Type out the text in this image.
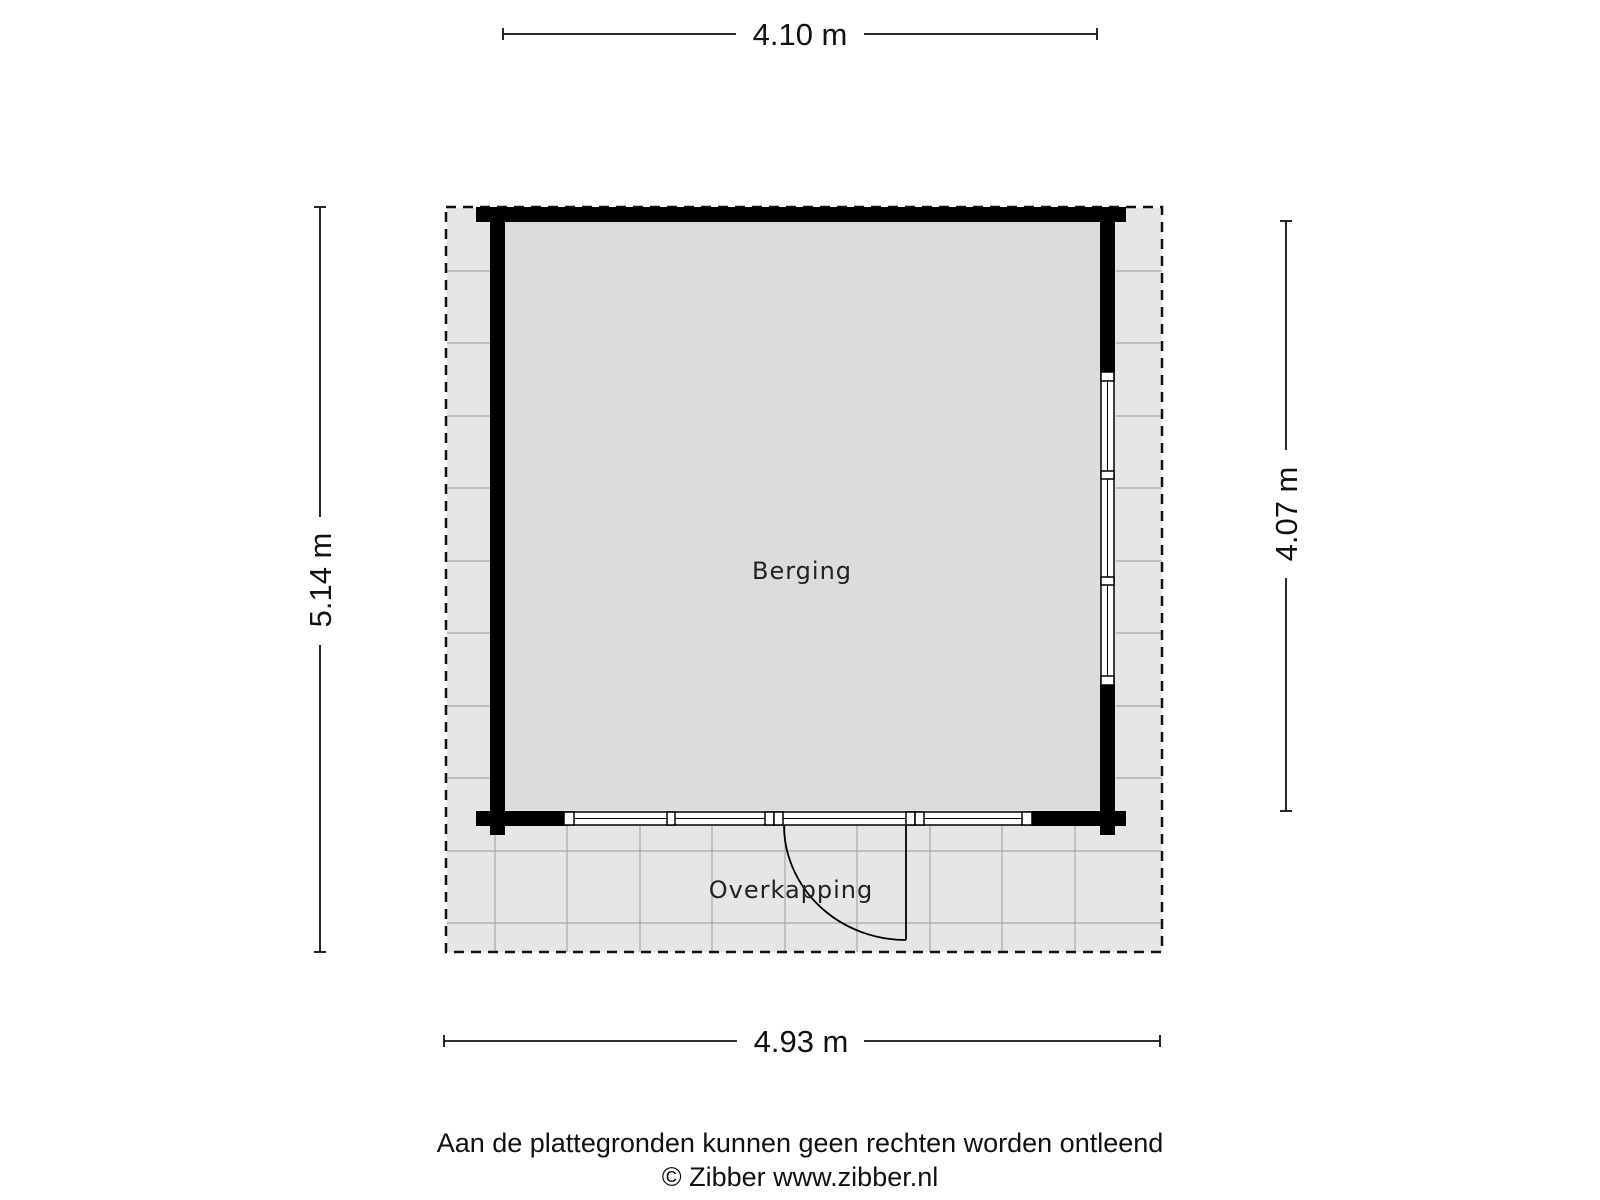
Berging
Overkapping
4.10 m
4.93 m
5.14 m
4.07 m
Aan de plattegronden kunnen geen rechten worden ontleend
© Zibber www.zibber.nl
